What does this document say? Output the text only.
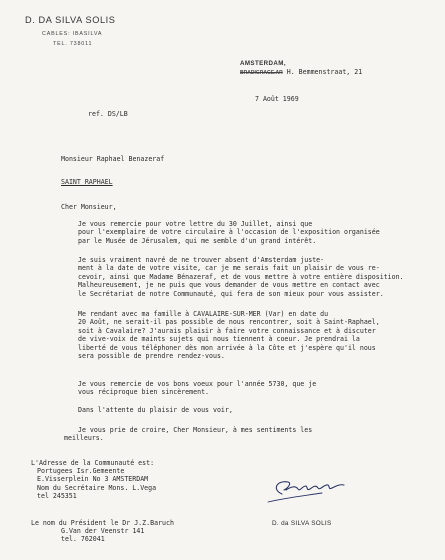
D. DA SILVA SOLIS
CABLES: IBASILVA
TEL. 738011
AMSTERDAM,
BRADIGRAGE.AR H. Bemmenstraat, 21
7 Août 1969
ref. DS/LB
Monsieur Raphael Benazeraf
SAINT RAPHAEL
Cher Monsieur,
Je vous remercie pour votre lettre du 30 Juillet, ainsi que
pour l'exemplaire de votre circulaire à l'occasion de l'exposition organisée
par le Musée de Jérusalem, qui me semble d'un grand intérêt.
Je suis vraiment navré de ne trouver absent d'Amsterdam juste-
ment à la date de votre visite, car je me serais fait un plaisir de vous re-
cevoir, ainsi que Madame Bénazeraf, et de vous mettre à votre entière disposition.
Malheureusement, je ne puis que vous demander de vous mettre en contact avec
le Secrétariat de notre Communauté, qui fera de son mieux pour vous assister.
Me rendant avec ma famille à CAVALAIRE-SUR-MER (Var) en date du
20 Août, ne serait-il pas possible de nous rencontrer, soit à Saint-Raphael,
soit à Cavalaire? J'aurais plaisir à faire votre connaissance et à discuter
de vive-voix de maints sujets qui nous tiennent à coeur. Je prendrai la
liberté de vous téléphoner dès mon arrivée à la Côte et j'espère qu'il nous
sera possible de prendre rendez-vous.
Je vous remercie de vos bons voeux pour l'année 5730, que je
vous réciproque bien sincèrement.
Dans l'attente du plaisir de vous voir,
Je vous prie de croire, Cher Monsieur, à mes sentiments les
meilleurs.
L'Adresse de la Communauté est:
Portugees Isr.Gemeente
E.Visserplein No 3 AMSTERDAM
Nom du Secrétaire Mons. L.Vega
tel 245351
Le nom du Président le Dr J.Z.Baruch
G.Van der Veenstr 141
tel. 762041
D. da SILVA SOLIS
